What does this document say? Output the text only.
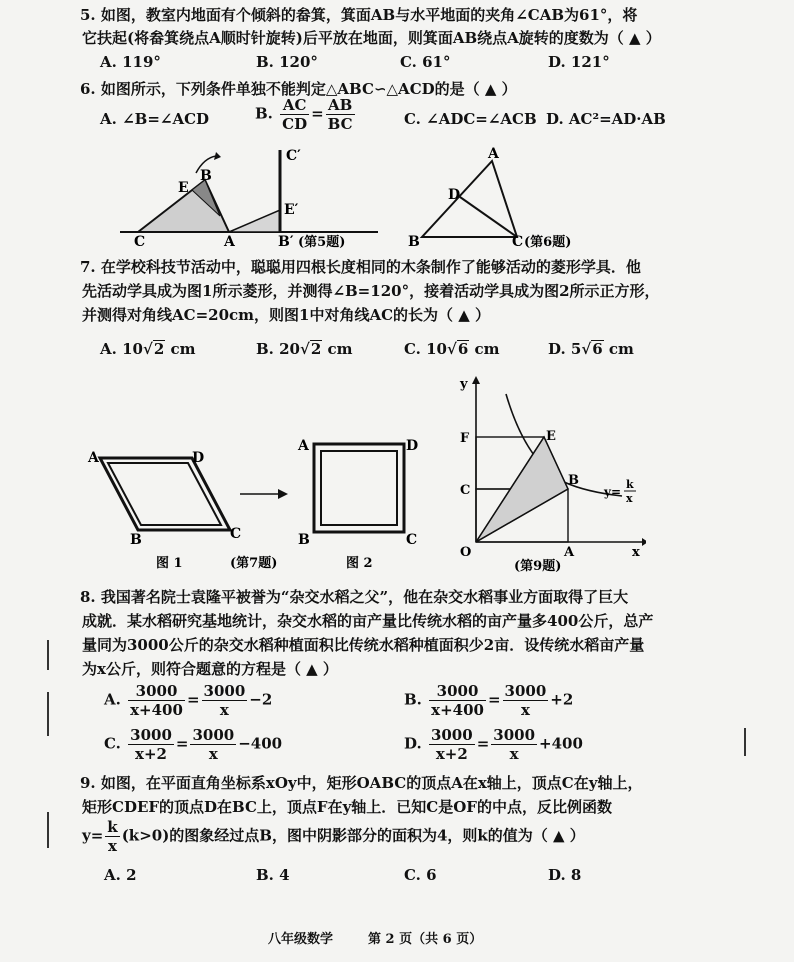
5. 如图，教室内地面有个倾斜的畚箕，箕面AB与水平地面的夹角∠CAB为61°，将
它扶起(将畚箕绕点A顺时针旋转)后平放在地面，则箕面AB绕点A旋转的度数为（ ▲ ）
A. 119°	B. 120°	C. 61°	D. 121°
6. 如图所示，下列条件单独不能判定△ABC∽△ACD的是（ ▲ ）
A. ∠B=∠ACD	B. $\frac{AC}{CD} = \frac{AB}{BC}$	C. ∠ADC=∠ACB D. AC²=AD·AB
C
E
B
A	B′
C′
E′
(第5题)
A
D
B	C (第6题)
7. 在学校科技节活动中，聪聪用四根长度相同的木条制作了能够活动的菱形学具．他
先活动学具成为图1所示菱形，并测得∠B=120°，接着活动学具成为图2所示正方形，
并测得对角线AC=20cm，则图1中对角线AC的长为（ ▲ ）
A. 10√2 cm	B. 20√2 cm	C. 10√6 cm	D. 5√6 cm
A	D
B	C
A	D
B	C
图 1	(第7题)	图 2
y
x
F	E
C
B
O	A
y=
k
x
(第9题)
8. 我国著名院士袁隆平被誉为“杂交水稻之父”，他在杂交水稻事业方面取得了巨大
成就．某水稻研究基地统计，杂交水稻的亩产量比传统水稻的亩产量多400公斤，总产
量同为3000公斤的杂交水稻种植面积比传统水稻种植面积少2亩．设传统水稻亩产量
为x公斤，则符合题意的方程是（ ▲ ）
A. $\frac{3000}{x+400} = \frac{3000}{x} -2$	B. $\frac{3000}{x+400} = \frac{3000}{x} +2$
C. $\frac{3000}{x+2} = \frac{3000}{x} -400$	D. $\frac{3000}{x+2} = \frac{3000}{x} +400$
9. 如图，在平面直角坐标系xOy中，矩形OABC的顶点A在x轴上，顶点C在y轴上，
矩形CDEF的顶点D在BC上，顶点F在y轴上．已知C是OF的中点，反比例函数
$y= \frac{k}{x} (k>0)$的图象经过点B，图中阴影部分的面积为4，则k的值为（ ▲ ）
A. 2	B. 4	C. 6	D. 8
八年级数学	第 2 页（共 6 页）
